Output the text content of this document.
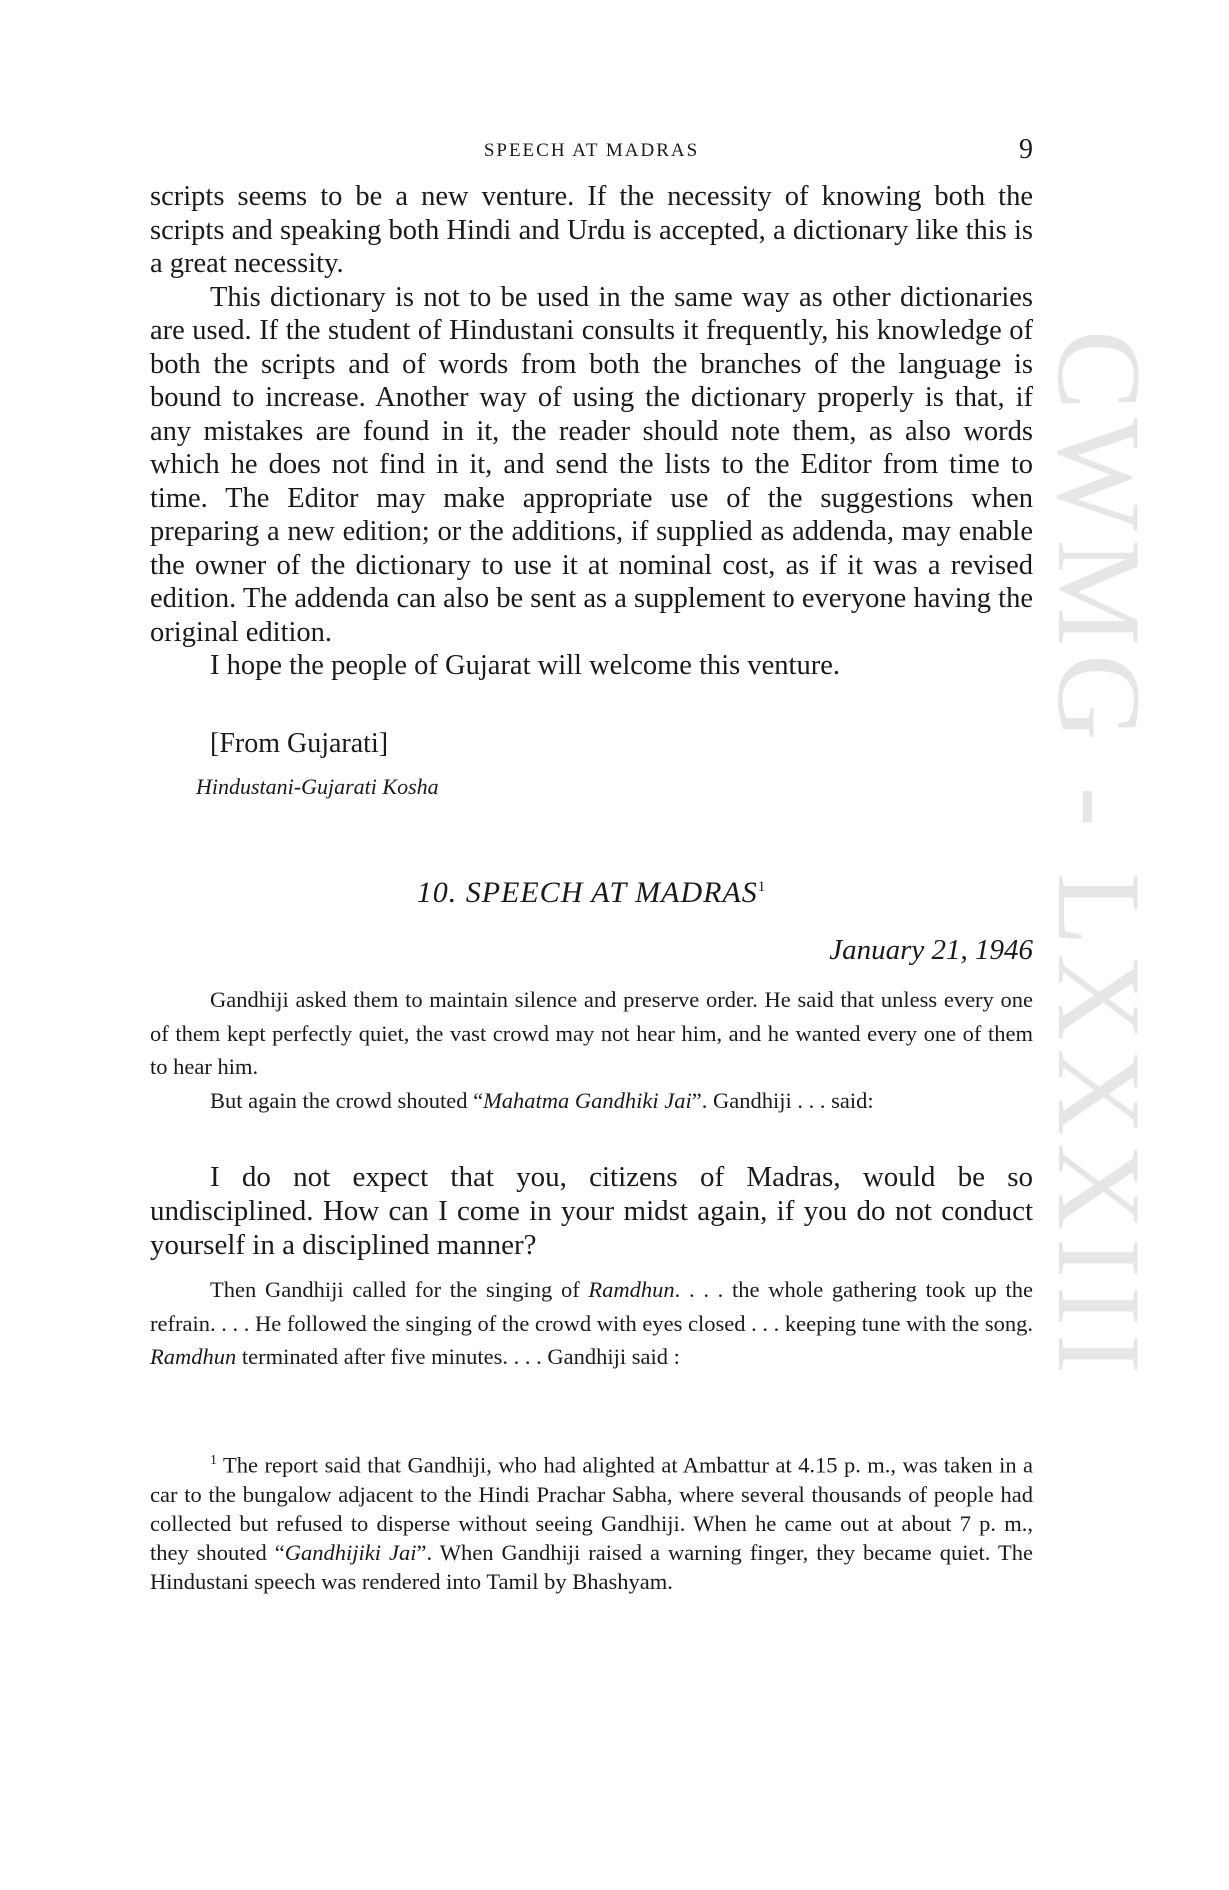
CWMG - LXXXIII
SPEECH AT MADRAS	9

scripts seems to be a new venture. If the necessity of knowing both the scripts and speaking both Hindi and Urdu is accepted, a dictionary like this is a great necessity.

This dictionary is not to be used in the same way as other dictionaries are used. If the student of Hindustani consults it frequently, his knowledge of both the scripts and of words from both the branches of the language is bound to increase. Another way of using the dictionary properly is that, if any mistakes are found in it, the reader should note them, as also words which he does not find in it, and send the lists to the Editor from time to time. The Editor may make appropriate use of the suggestions when preparing a new edition; or the additions, if supplied as addenda, may enable the owner of the dictionary to use it at nominal cost, as if it was a revised edition. The addenda can also be sent as a supplement to everyone having the original edition.

I hope the people of Gujarat will welcome this venture.

[From Gujarati]
Hindustani-Gujarati Kosha
10. SPEECH AT MADRAS$^1$
January 21, 1946

Gandhiji asked them to maintain silence and preserve order. He said that unless every one of them kept perfectly quiet, the vast crowd may not hear him, and he wanted every one of them to hear him.

But again the crowd shouted “Mahatma Gandhiki Jai”. Gandhiji . . . said:

I do not expect that you, citizens of Madras, would be so undisciplined. How can I come in your midst again, if you do not conduct yourself in a disciplined manner?

Then Gandhiji called for the singing of Ramdhun. . . . the whole gathering took up the refrain. . . . He followed the singing of the crowd with eyes closed . . . keeping tune with the song. Ramdhun terminated after five minutes. . . . Gandhiji said :

$^1$ The report said that Gandhiji, who had alighted at Ambattur at 4.15 p. m., was taken in a car to the bungalow adjacent to the Hindi Prachar Sabha, where several thousands of people had collected but refused to disperse without seeing Gandhiji. When he came out at about 7 p. m., they shouted “Gandhijiki Jai”. When Gandhiji raised a warning finger, they became quiet. The Hindustani speech was rendered into Tamil by Bhashyam.
